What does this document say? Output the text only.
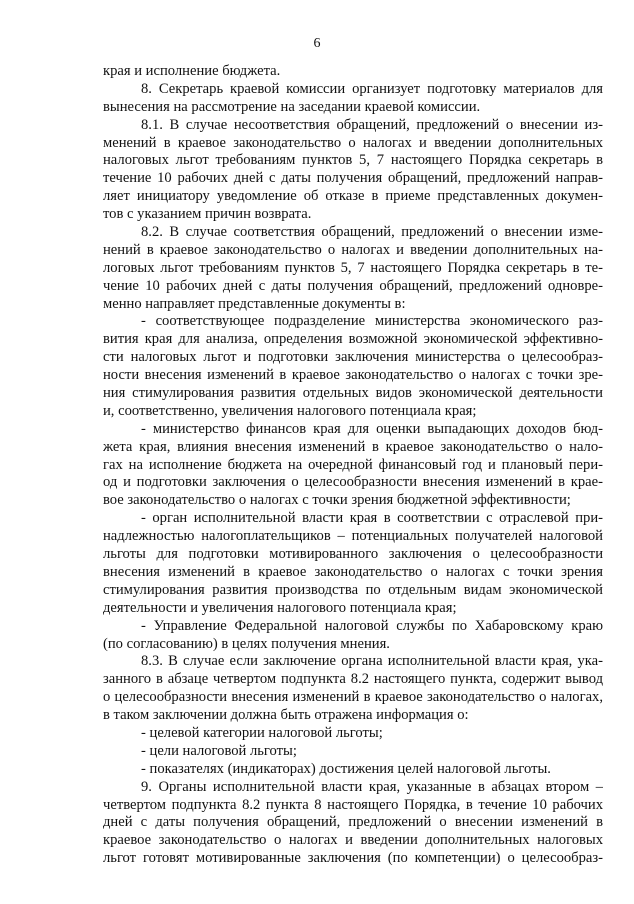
6
края и исполнение бюджета.
8. Секретарь краевой комиссии организует подготовку материалов для
вынесения на рассмотрение на заседании краевой комиссии.
8.1. В случае несоответствия обращений, предложений о внесении из-
менений в краевое законодательство о налогах и введении дополнительных
налоговых льгот требованиям пунктов 5, 7 настоящего Порядка секретарь в
течение 10 рабочих дней с даты получения обращений, предложений направ-
ляет инициатору уведомление об отказе в приеме представленных докумен-
тов с указанием причин возврата.
8.2. В случае соответствия обращений, предложений о внесении изме-
нений в краевое законодательство о налогах и введении дополнительных на-
логовых льгот требованиям пунктов 5, 7 настоящего Порядка секретарь в те-
чение 10 рабочих дней с даты получения обращений, предложений одновре-
менно направляет представленные документы в:
- соответствующее подразделение министерства экономического раз-
вития края для анализа, определения возможной экономической эффективно-
сти налоговых льгот и подготовки заключения министерства о целесообраз-
ности внесения изменений в краевое законодательство о налогах с точки зре-
ния стимулирования развития отдельных видов экономической деятельности
и, соответственно, увеличения налогового потенциала края;
- министерство финансов края для оценки выпадающих доходов бюд-
жета края, влияния внесения изменений в краевое законодательство о нало-
гах на исполнение бюджета на очередной финансовый год и плановый пери-
од и подготовки заключения о целесообразности внесения изменений в крае-
вое законодательство о налогах с точки зрения бюджетной эффективности;
- орган исполнительной власти края в соответствии с отраслевой при-
надлежностью налогоплательщиков – потенциальных получателей налоговой
льготы для подготовки мотивированного заключения о целесообразности
внесения изменений в краевое законодательство о налогах с точки зрения
стимулирования развития производства по отдельным видам экономической
деятельности и увеличения налогового потенциала края;
- Управление Федеральной налоговой службы по Хабаровскому краю
(по согласованию) в целях получения мнения.
8.3. В случае если заключение органа исполнительной власти края, ука-
занного в абзаце четвертом подпункта 8.2 настоящего пункта, содержит вывод
о целесообразности внесения изменений в краевое законодательство о налогах,
в таком заключении должна быть отражена информация о:
- целевой категории налоговой льготы;
- цели налоговой льготы;
- показателях (индикаторах) достижения целей налоговой льготы.
9. Органы исполнительной власти края, указанные в абзацах втором –
четвертом подпункта 8.2 пункта 8 настоящего Порядка, в течение 10 рабочих
дней с даты получения обращений, предложений о внесении изменений в
краевое законодательство о налогах и введении дополнительных налоговых
льгот готовят мотивированные заключения (по компетенции) о целесообраз-
